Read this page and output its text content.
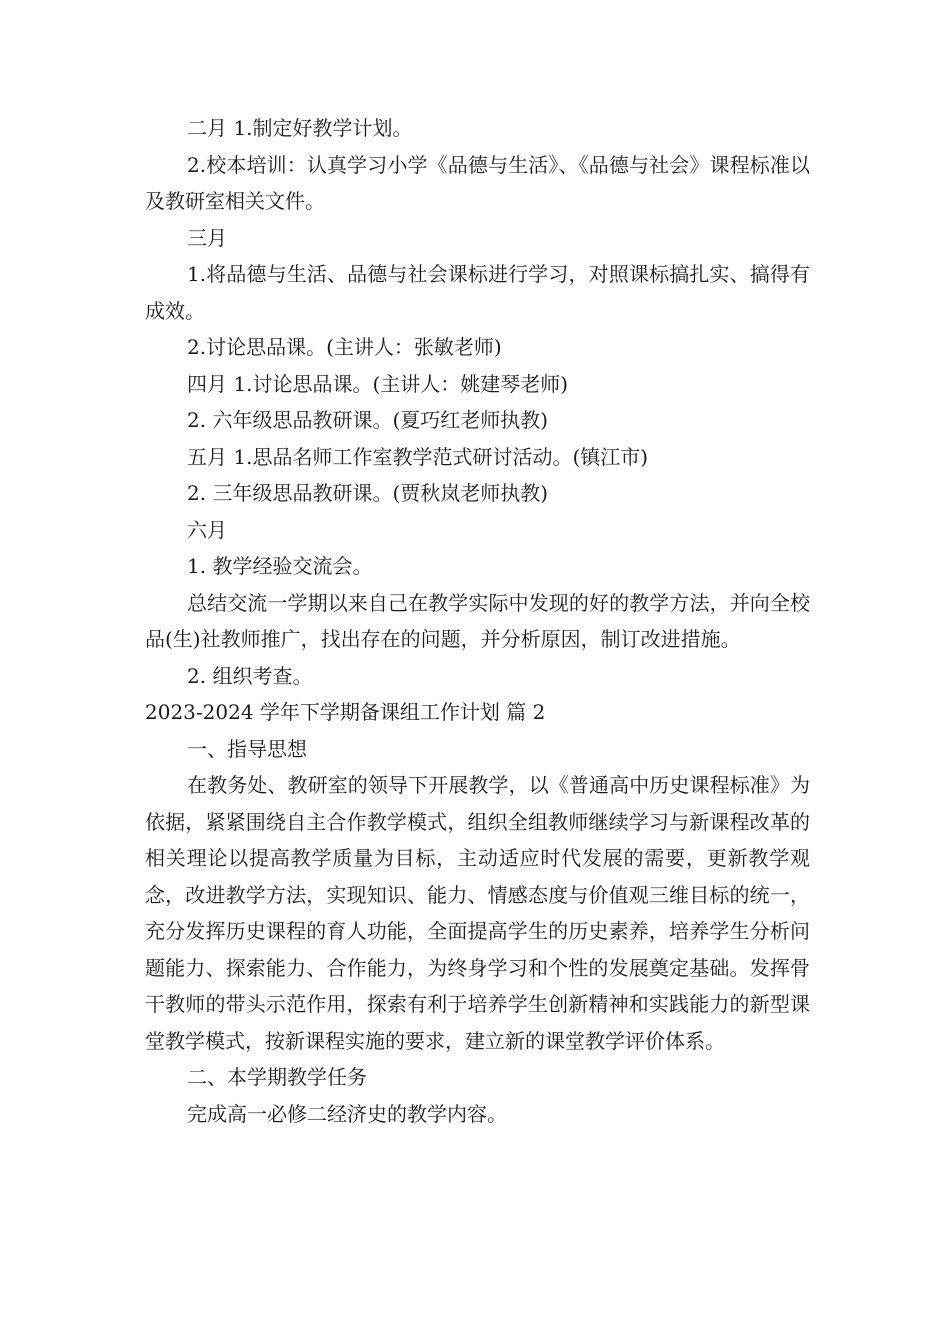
二月 1.制定好教学计划。

2.校本培训：认真学习小学《品德与生活》、《品德与社会》课程标准以及教研室相关文件。

三月

1.将品德与生活、品德与社会课标进行学习，对照课标搞扎实、搞得有成效。

2.讨论思品课。(主讲人：张敏老师)

四月 1.讨论思品课。(主讲人：姚建琴老师)

2. 六年级思品教研课。(夏巧红老师执教)

五月 1.思品名师工作室教学范式研讨活动。(镇江市)

2. 三年级思品教研课。(贾秋岚老师执教)

六月

1. 教学经验交流会。

总结交流一学期以来自己在教学实际中发现的好的教学方法，并向全校品(生)社教师推广，找出存在的问题，并分析原因，制订改进措施。

2. 组织考查。

2023-2024 学年下学期备课组工作计划 篇 2

一、指导思想

在教务处、教研室的领导下开展教学，以《普通高中历史课程标准》为依据，紧紧围绕自主合作教学模式，组织全组教师继续学习与新课程改革的相关理论以提高教学质量为目标，主动适应时代发展的需要，更新教学观念，改进教学方法，实现知识、能力、情感态度与价值观三维目标的统一，充分发挥历史课程的育人功能，全面提高学生的历史素养，培养学生分析问题能力、探索能力、合作能力，为终身学习和个性的发展奠定基础。发挥骨干教师的带头示范作用，探索有利于培养学生创新精神和实践能力的新型课堂教学模式，按新课程实施的要求，建立新的课堂教学评价体系。

二、本学期教学任务

完成高一必修二经济史的教学内容。
